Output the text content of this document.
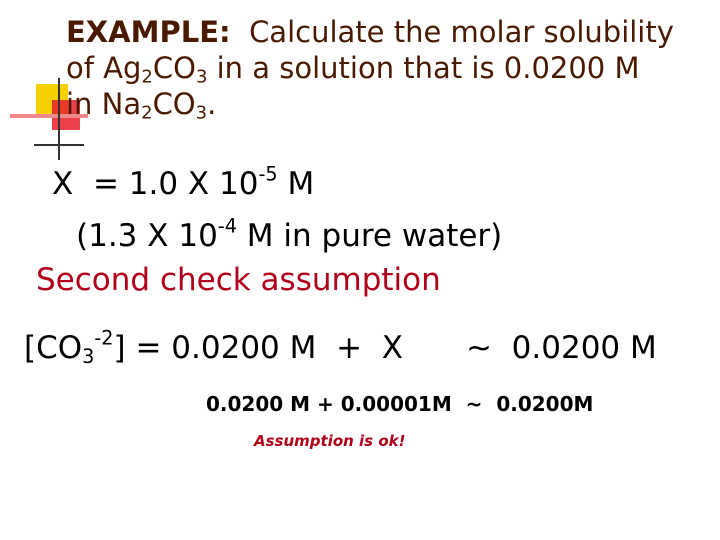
EXAMPLE: Calculate the molar solubility
of $Ag_2CO_3$ in a solution that is 0.0200 M
in $Na_2CO_3$.
X  = 1.0 X $10^{-5}$ M
(1.3 X $10^{-4}$ M in pure water)
Second check assumption
$[CO_3^{-2}] = 0.0200$ M  +  X ~  0.0200 M
0.0200 M + 0.00001M  ~  0.0200M
Assumption is ok!
